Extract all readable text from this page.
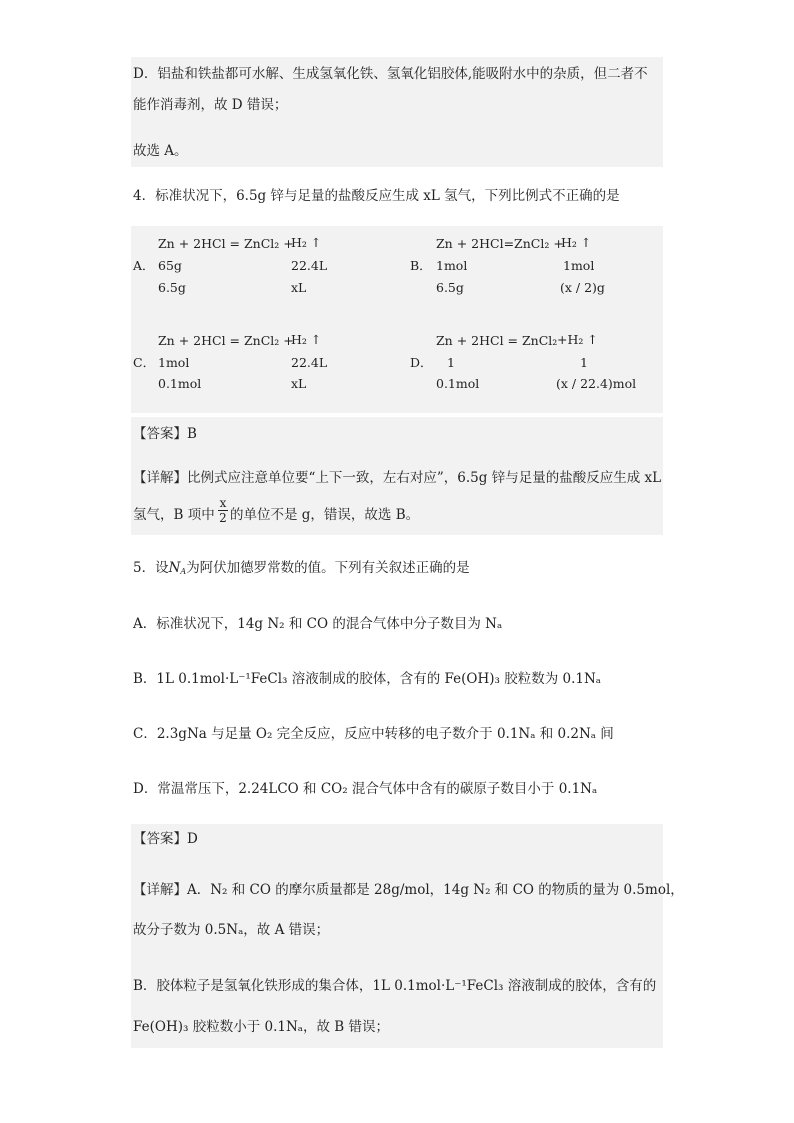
D．铝盐和铁盐都可水解、生成氢氧化铁、氢氧化铝胶体,能吸附水中的杂质，但二者不
能作消毒剂，故 D 错误；
故选 A。
4．标准状况下，6.5g 锌与足量的盐酸反应生成 xL 氢气，下列比例式不正确的是
A．
Zn + 2HCl = ZnCl₂ +
H₂ ↑
65g	22.4L
6.5g	xL
B．
Zn + 2HCl=ZnCl₂ +
H₂ ↑
1mol	1mol
6.5g	(x / 2)g
C．
Zn + 2HCl = ZnCl₂ +
H₂ ↑
1mol	22.4L
0.1mol	xL
D．
Zn + 2HCl = ZnCl₂ +H₂ ↑
1	1
0.1mol	(x / 22.4)mol
【答案】B
【详解】比例式应注意单位要“上下一致，左右对应”，6.5g 锌与足量的盐酸反应生成 xL
氢气，B 项中
x
2 的单位不是 g，错误，故选 B。
5．设$N_A$为阿伏加德罗常数的值。下列有关叙述正确的是
A．标准状况下，14g N₂ 和 CO 的混合气体中分子数目为 Nₐ
B．1L 0.1mol·L⁻¹FeCl₃ 溶液制成的胶体，含有的 Fe(OH)₃ 胶粒数为 0.1Nₐ
C．2.3gNa 与足量 O₂ 完全反应，反应中转移的电子数介于 0.1Nₐ 和 0.2Nₐ 间
D．常温常压下，2.24LCO 和 CO₂ 混合气体中含有的碳原子数目小于 0.1Nₐ
【答案】D
【详解】A．N₂ 和 CO 的摩尔质量都是 28g/mol，14g N₂ 和 CO 的物质的量为 0.5mol，
故分子数为 0.5Nₐ，故 A 错误；
B．胶体粒子是氢氧化铁形成的集合体，1L 0.1mol·L⁻¹FeCl₃ 溶液制成的胶体，含有的
Fe(OH)₃ 胶粒数小于 0.1Nₐ，故 B 错误；
